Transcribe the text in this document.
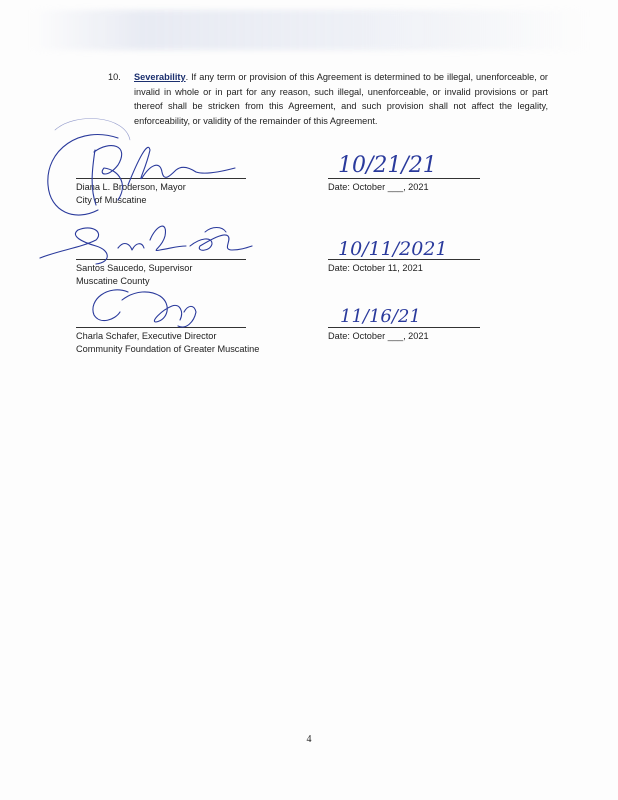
10.	Severability. If any term or provision of this Agreement is determined to be illegal, unenforceable, or invalid in whole or in part for any reason, such illegal, unenforceable, or invalid provisions or part thereof shall be stricken from this Agreement, and such provision shall not affect the legality, enforceability, or validity of the remainder of this Agreement.
Diana L. Broderson, Mayor
City of Muscatine
Date: October ___, 2021
Santos Saucedo, Supervisor
Muscatine County
Date: October 11, 2021
Charla Schafer, Executive Director
Community Foundation of Greater Muscatine
Date: October ___, 2021
4
10/21/21
10/11/2021
11/16/21
